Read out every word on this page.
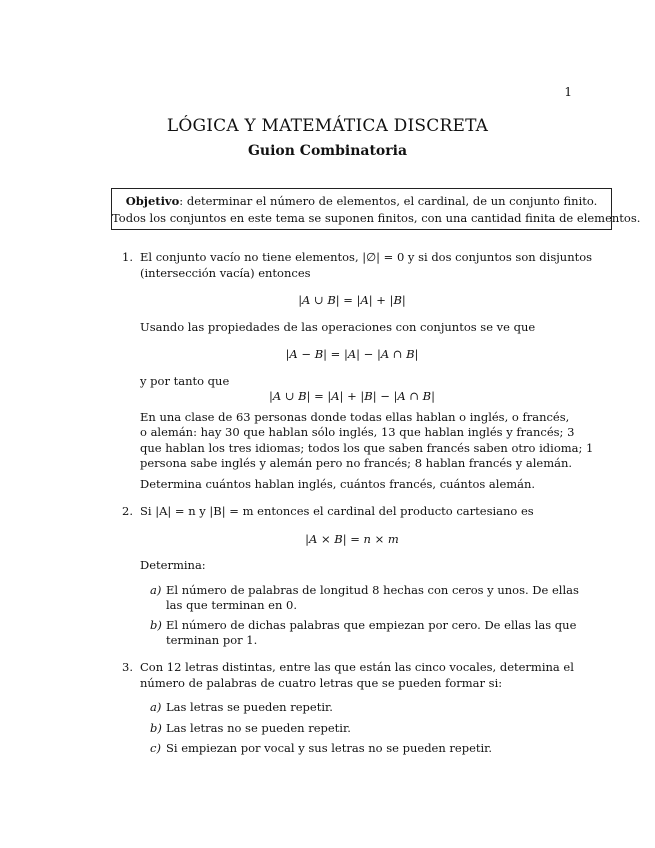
1
LÓGICA Y MATEMÁTICA DISCRETA
Guion Combinatoria
Objetivo: determinar el número de elementos, el cardinal, de un conjunto finito.
Todos los conjuntos en este tema se suponen finitos, con una cantidad finita de elementos.
1. El conjunto vacío no tiene elementos, |∅| = 0 y si dos conjuntos son disjuntos
(intersección vacía) entonces
|A ∪ B| = |A| + |B|
Usando las propiedades de las operaciones con conjuntos se ve que
|A − B| = |A| − |A ∩ B|
y por tanto que
|A ∪ B| = |A| + |B| − |A ∩ B|
En una clase de 63 personas donde todas ellas hablan o inglés, o francés,
o alemán: hay 30 que hablan sólo inglés, 13 que hablan inglés y francés; 3
que hablan los tres idiomas; todos los que saben francés saben otro idioma; 1
persona sabe inglés y alemán pero no francés; 8 hablan francés y alemán.
Determina cuántos hablan inglés, cuántos francés, cuántos alemán.
2. Si |A| = n y |B| = m entonces el cardinal del producto cartesiano es
|A × B| = n × m
Determina:
a) El número de palabras de longitud 8 hechas con ceros y unos. De ellas
las que terminan en 0.
b) El número de dichas palabras que empiezan por cero. De ellas las que
terminan por 1.
3. Con 12 letras distintas, entre las que están las cinco vocales, determina el
número de palabras de cuatro letras que se pueden formar si:
a) Las letras se pueden repetir.
b) Las letras no se pueden repetir.
c) Si empiezan por vocal y sus letras no se pueden repetir.
